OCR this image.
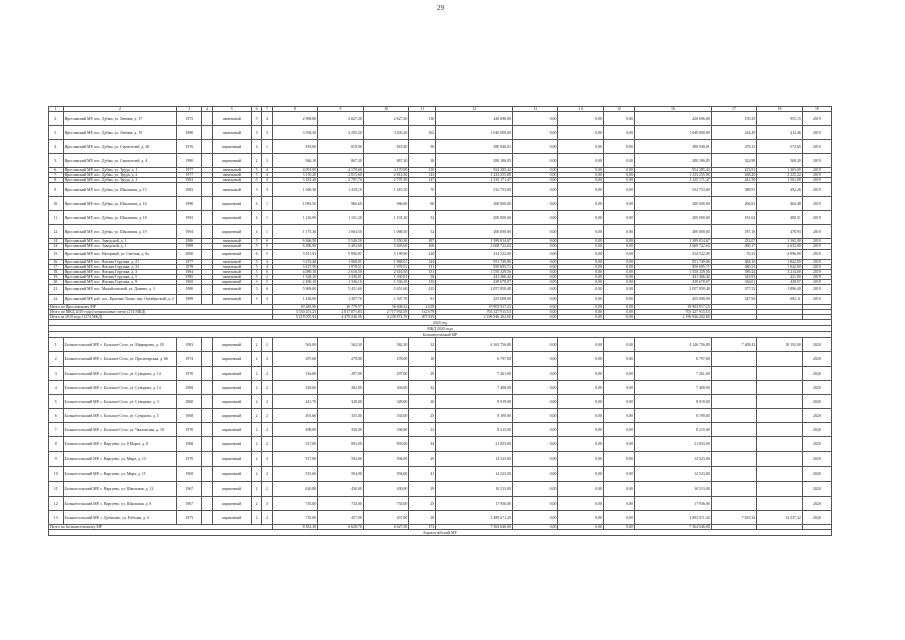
29
1	2	3	4	5	6	7	8	9	10	11	12	13	14	15	16	17	18	19
2.	Ярославский МР, пос. Дубки, ул. Ленина, д. 17	1975		панельный	5	4	2 968,80	2 627,20	2 627,20	130	420 696,00	0,00	0,00	0,00	420 696,00	159,29	955,15	2019
3.	Ярославский МР, пос. Дубки, ул. Ленина, д. 19	1980		панельный	5	3	3 394,20	3 205,20	3 205,20	162	1 040 000,00	0,00	0,00	0,00	1 040 000,00	324,49	412,46	2019
4.	Ярославский МР, пос. Дубки, ул. Строителей, д. 20	1976		кирпичный	4	1	819,00	819,00	818,40	50	380 948,01	0,00	0,00	0,00	380 948,01	476,13	572,65	2019
5.	Ярославский МР, пос. Дубки, ул. Строителей, д. 4	1980		кирпичный	2	3	946,10	867,30	867,30	38	280 186,85	0,00	0,00	0,00	280 186,85	322,98	568,20	2019
6.	Ярославский МР, пос. Дубки, ул. Труда, д. 1	1977		панельный	5	4	4 091,00	4 179,60	4 170,90	210	954 285,42	0,00	0,00	0,00	954 285,42	223,91	1 365,00	2019
7.	Ярославский МР, пос. Дубки, ул. Труда, д. 2	1977		панельный	5	4	3 170,20	2 815,60	2 812,30	143	1 233 255,80	0,00	0,00	0,00	1 233 255,80	438,20	2 225,22	2019
8.	Ярославский МР, пос. Дубки, ул. Труда, д. 3	1981		панельный	5	4	3 181,20	2 797,70	2 797,30	147	1 235 171,47	0,00	0,00	0,00	1 235 171,47	441,50	1 561,88	2019
9.	Ярославский МР, пос. Дубки, ул. Школьная, д. 15	1983		панельный	3	3	1 560,30	1 419,10	1 419,10	70	532 753,00	0,00	0,00	0,00	532 753,00	389,91	492,26	2019
10.	Ярославский МР, пос. Дубки, ул. Школьная, д. 16	1990		кирпичный	4	1	1 083,50	966,60	966,60	60	200 000,00	0,00	0,00	0,00	200 000,00	206,91	464,48	2019
11.	Ярославский МР, пос. Дубки, ул. Школьная, д. 18	1992		кирпичный	4	1	1 216,90	1 101,20	1 101,20	52	200 000,00	0,00	0,00	0,00	200 000,00	181,62	480,51	2019
12.	Ярославский МР, пос. Дубки, ул. Школьная, д. 19	1994		кирпичный	4	1	1 175,30	1 064,50	1 068,50	52	200 000,00	0,00	0,00	0,00	200 000,00	187,18	478,93	2019
14.	Ярославский МР, пос. Заводской, д. 1	1986		панельный	5	6	6 366,50	5 546,50	5 550,30	187	1 389 814,67	0,00	0,00	0,00	1 389 814,67	252,07	1 365,00	2019
14.	Ярославский МР, пос. Заводской, д. 2	1989		панельный	5	5	6 286,90	5 403,60	5 403,60	300	2 668 722,63	0,00	0,00	0,00	2 668 722,63	490,17	2 632,00	2019
15.	Ярославский МР, пос. Нагорный, ул. Светлая, д. 6а	2000		кирпичный	6	5	5 911,91	5 996,81	5 199,90	220	414 522,00	0,00	0,00	0,00	414 522,00	70,23	4 896,00	2019
16.	Ярославский МР, пос. Ямская Горушка, д. 21	1977		панельный	5	4	3 153,40	1 968,01	1 968,01	144	951 749,06	0,00	0,00	0,00	951 749,06	484,10	1 842,00	2019
17.	Ярославский МР, пос. Ямская Горушка, д. 24	1978		панельный	5	4	3 127,50	1 978,51	1 978,51	131	950 695,71	0,00	0,00	0,00	950 695,71	480,51	1 842,00	2019
18.	Ярославский МР, пос. Ямская Горушка, д. 3	1984		панельный	5	6	4 089,10	2 616,50	2 616,50	131	1 550 329,56	0,00	0,00	0,00	1 550 329,56	589,22	3 214,00	2019
19.	Ярославский МР, пос. Ямская Горушка, д. 5	1985		панельный	5	2	1 528,10	1 330,01	1 330,01	58	441 366,42	0,00	0,00	0,00	441 366,42	325,93	421,00	2019
20.	Ярославский МР, пос. Ямская Горушка, д. 9	1965		кирпичный	3	5	2 490,10	1 336,10	1 336,10	135	439 678,07	0,00	0,00	0,00	439 678,07	326,01	428,07	2019
21.	Ярославский МР, пос. Михайловский, ул. Донина, д. 3	1980		панельный	5	6	5 969,00	5 451,60	5 451,60	235	2 057 858,48	0,00	0,00	0,00	2 057 858,48	377,52	1 896,49	2019
22.	Ярославский МР, раб. пос. Красные Ткачи, пер. Октябрьский, д. 2	1989		панельный	5	3	1 436,90	1 307,70	1 307,70	81	455 008,00	0,00	0,00	0,00	455 008,00	347,94	682,11	2019
Итого по Ярославскому МР							49 385,96	36 779,57	36 606,61	2 028	19 903 917,23	0,00	0,00	0,00	19 903 917,23			
Итого по МКД 2019 года (специальные счета) (274 МКД)							3 330 251,23	2 817 871,83	2 717 933,59	132 679	703 327 915,53	0,00	0,00	0,00	703 327 915,53			
Итого за 2019 году (1274 МКД)							5 218 055,94	4 479 246,38	4 238 872,76	207 929	2 196 946 202,60	0,00	0,00	0,00	2 196 946 202,60			
2020 год																		
МКД 2020 года																		
Большесельский МР																		
1	Большесельский МР, с. Большое Село, ул. Маркирова, д. 18	1983		кирпичный	2	2	563,00	562,30	562,30	32	4 165 756,80	0,00	0,00	0,00	4 146 756,80	7 408,42	18 192,00	2020
2	Большесельский МР, с. Большое Село, ул. Пролетарская, д. 66	1974		кирпичный	2	2	297,60	278,00	278,00	18	6 797,00	0,00	0,00	0,00	6 797,00			2020
3	Большесельский МР, с. Большое Село, ул. Суворова, д. 14	1970		кирпичный	2	2	316,60	297,00	297,00	29	7 261,00	0,00	0,00	0,00	7 261,00			2020
4	Большесельский МР, с. Большое Село, ул. Суворова, д. 14	1969		кирпичный	2	2	329,60	302,00	303,00	32	7 408,00	0,00	0,00	0,00	7 408,00			2020
5	Большесельский МР, с. Большое Село, ул. Суворова, д. 3	2968		кирпичный	2	2	441,70	328,00	328,00	26	8 019,00	0,00	0,00	0,00	8 019,00			2020
6	Большесельский МР, с. Большое Село, ул. Суворова, д. 5	1968		кирпичный	2	2	491,60	335,00	335,00	25	8 190,00	0,00	0,00	0,00	8 190,00			2020
7	Большесельский МР, с. Большое Село, ул. Чкаловская, д. 10	1970		кирпичный	2	2	498,80	336,00	336,00	22	8 215,00	0,00	0,00	0,00	8 215,00			2020
8	Большесельский МР, с. Варгуево, ул. 8 Марта, д. 8	1968		кирпичный	2	2	917,00	893,00	893,00	34	21 833,00	0,00	0,00	0,00	21 833,00			2020
9	Большесельский МР, с. Варгуево, ул. Мира, д. 13	1970		кирпичный	2	3	917,80	594,00	594,00	29	14 523,00	0,00	0,00	0,00	14 523,00			2020
10	Большесельский МР, с. Варгуево, ул. Мира, д. 15	1969		кирпичный	2	2	915,60	594,00	594,00	41	14 523,00	0,00	0,00	0,00	14 523,00			2020
11	Большесельский МР, с. Варгуево, ул. Школьная, д. 12	1967		кирпичный	2	2	620,80	430,00	430,00	29	10 513,00	0,00	0,00	0,00	10 513,00			2020
12	Большесельский МР, с. Варгуево, ул. Школьная, д. 8	1967		кирпичный	2	3	735,00	733,00	735,00	25	17 936,00	0,00	0,00	0,00	17 936,00			2020
13	Большесельский МР, с. Дунилово, ул. Рабочая, д. 6	1973		кирпичный	2	2	735,00	457,00	457,00	28	3 489 671,20	0,00	0,00	0,00	3 093 671,20	7 819,34	12 337,32	2020
Итого по Большесельскому МР							8 381,30	6 628,70	6 627,30	373	7 364 646,00	0,00	0,00	0,00	7 364 646,00			
Борисоглебский МР																		
